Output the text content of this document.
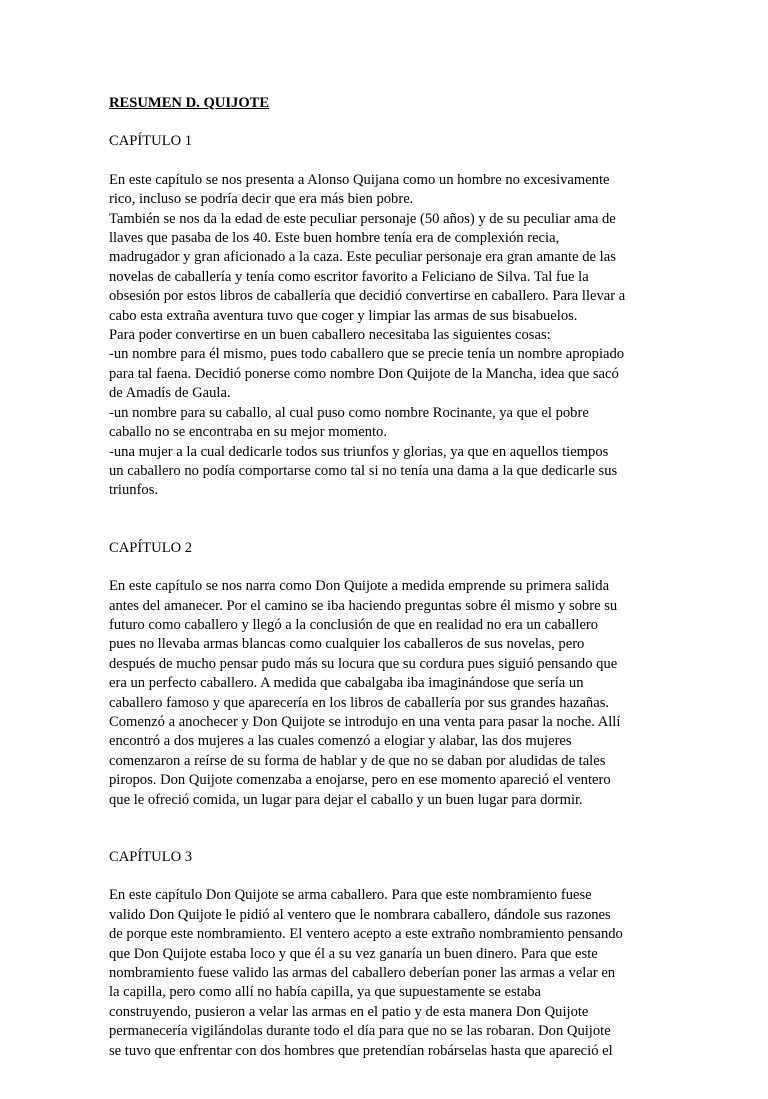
RESUMEN D. QUIJOTE
CAPÍTULO 1
En este capítulo se nos presenta a Alonso Quijana como un hombre no excesivamente
rico, incluso se podría decir que era más bien pobre.
También se nos da la edad de este peculiar personaje (50 años) y de su peculiar ama de
llaves que pasaba de los 40. Este buen hombre tenía era de complexión recia,
madrugador y gran aficionado a la caza. Este peculiar personaje era gran amante de las
novelas de caballería y tenía como escritor favorito a Feliciano de Silva. Tal fue la
obsesión por estos libros de caballería que decidió convertirse en caballero. Para llevar a
cabo esta extraña aventura tuvo que coger y limpiar las armas de sus bisabuelos.
Para poder convertirse en un buen caballero necesitaba las siguientes cosas:
-un nombre para él mismo, pues todo caballero que se precie tenía un nombre apropiado
para tal faena. Decidió ponerse como nombre Don Quijote de la Mancha, idea que sacó
de Amadís de Gaula.
-un nombre para su caballo, al cual puso como nombre Rocinante, ya que el pobre
caballo no se encontraba en su mejor momento.
-una mujer a la cual dedicarle todos sus triunfos y glorias, ya que en aquellos tiempos
un caballero no podía comportarse como tal si no tenía una dama a la que dedicarle sus
triunfos.
CAPÍTULO 2
En este capítulo se nos narra como Don Quijote a medida emprende su primera salida
antes del amanecer. Por el camino se iba haciendo preguntas sobre él mismo y sobre su
futuro como caballero y llegó a la conclusión de que en realidad no era un caballero
pues no llevaba armas blancas como cualquier los caballeros de sus novelas, pero
después de mucho pensar pudo más su locura que su cordura pues siguió pensando que
era un perfecto caballero. A medida que cabalgaba iba imaginándose que sería un
caballero famoso y que aparecería en los libros de caballería por sus grandes hazañas.
Comenzó a anochecer y Don Quijote se introdujo en una venta para pasar la noche. Allí
encontró a dos mujeres a las cuales comenzó a elogiar y alabar, las dos mujeres
comenzaron a reírse de su forma de hablar y de que no se daban por aludidas de tales
piropos. Don Quijote comenzaba a enojarse, pero en ese momento apareció el ventero
que le ofreció comida, un lugar para dejar el caballo y un buen lugar para dormir.
CAPÍTULO 3
En este capítulo Don Quijote se arma caballero. Para que este nombramiento fuese
valido Don Quijote le pidió al ventero que le nombrara caballero, dándole sus razones
de porque este nombramiento. El ventero acepto a este extraño nombramiento pensando
que Don Quijote estaba loco y que él a su vez ganaría un buen dinero. Para que este
nombramiento fuese valido las armas del caballero deberían poner las armas a velar en
la capilla, pero como allí no había capilla, ya que supuestamente se estaba
construyendo, pusieron a velar las armas en el patio y de esta manera Don Quijote
permanecería vigilándolas durante todo el día para que no se las robaran. Don Quijote
se tuvo que enfrentar con dos hombres que pretendían robárselas hasta que apareció el
